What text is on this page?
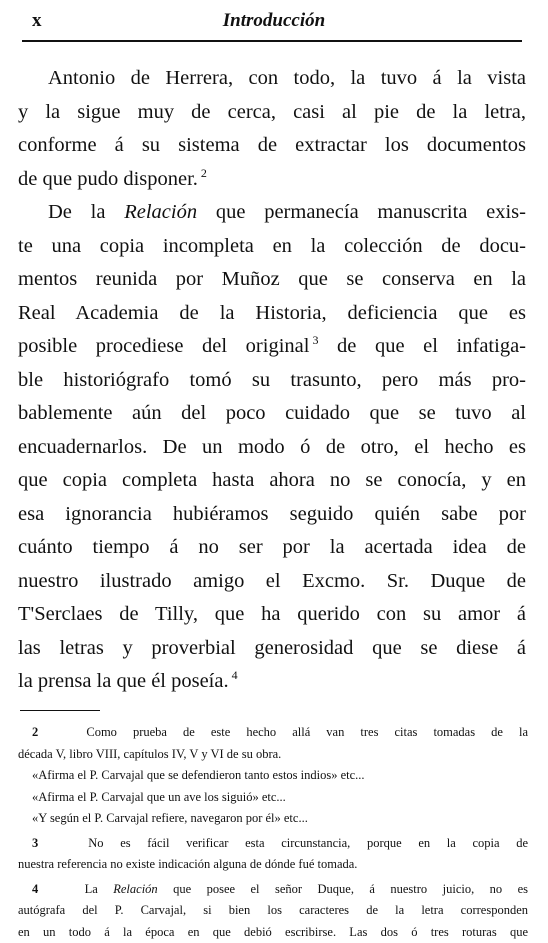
x	Introducción
Antonio de Herrera, con todo, la tuvo á la vista
y la sigue muy de cerca, casi al pie de la letra,
conforme á su sistema de extractar los documentos
de que pudo disponer. $^2$
De la Relación que permanecía manuscrita exis-
te una copia incompleta en la colección de docu-
mentos reunida por Muñoz que se conserva en la
Real Academia de la Historia, deficiencia que es
posible procediese del original $^3$ de que el infatiga-
ble historiógrafo tomó su trasunto, pero más pro-
bablemente aún del poco cuidado que se tuvo al
encuadernarlos. De un modo ó de otro, el hecho es
que copia completa hasta ahora no se conocía, y en
esa ignorancia hubiéramos seguido quién sabe por
cuánto tiempo á no ser por la acertada idea de
nuestro ilustrado amigo el Excmo. Sr. Duque de
T'Serclaes de Tilly, que ha querido con su amor á
las letras y proverbial generosidad que se diese á
la prensa la que él poseía. $^4$
2	Como prueba de este hecho allá van tres citas tomadas de la
década V, libro VIII, capítulos IV, V y VI de su obra.
«Afirma el P. Carvajal que se defendieron tanto estos indios» etc...
«Afirma el P. Carvajal que un ave los siguió» etc...
«Y según el P. Carvajal refiere, navegaron por él» etc...
3	No es fácil verificar esta circunstancia, porque en la copia de
nuestra referencia no existe indicación alguna de dónde fué tomada.
4	La Relación que posee el señor Duque, á nuestro juicio, no es
autógrafa del P. Carvajal, si bien los caracteres de la letra corresponden
en un todo á la época en que debió escribirse. Las dos ó tres roturas que
